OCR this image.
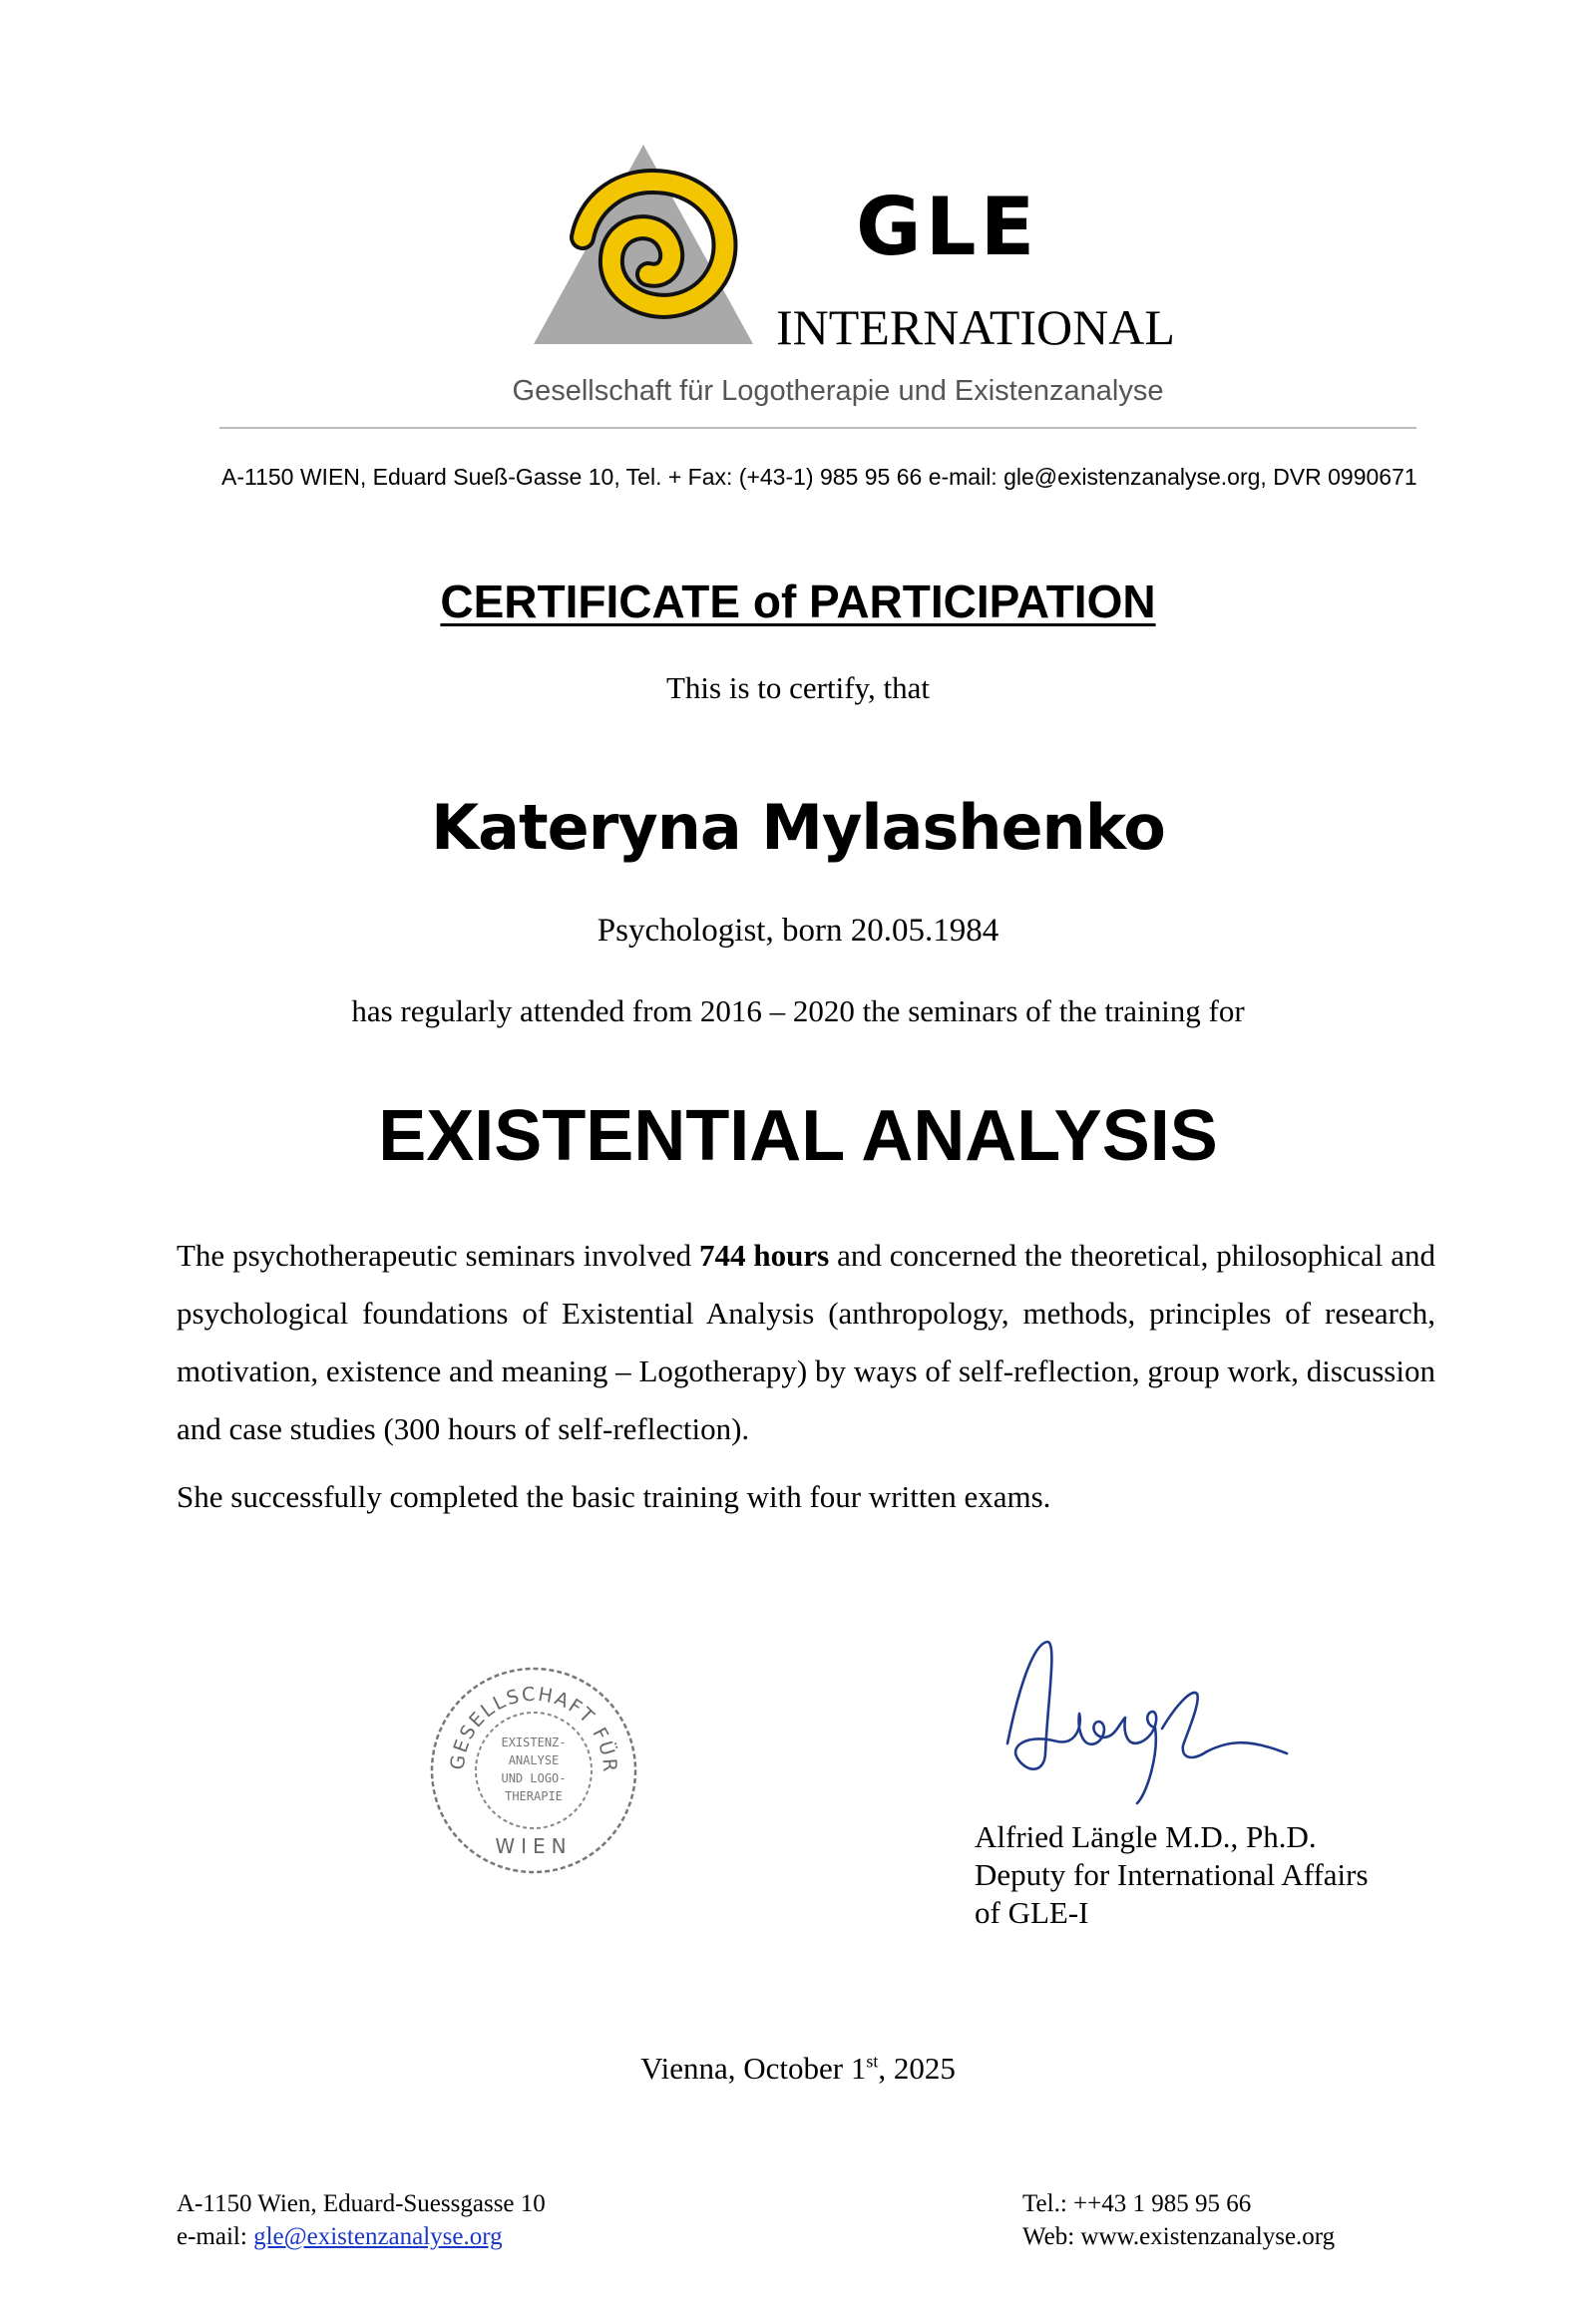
GLE
INTERNATIONAL
Gesellschaft für Logotherapie und Existenzanalyse
A-1150 WIEN, Eduard Sueß-Gasse 10, Tel. + Fax: (+43-1) 985 95 66 e-mail: gle@existenzanalyse.org, DVR 0990671
CERTIFICATE of PARTICIPATION
This is to certify, that
Kateryna Mylashenko
Psychologist, born 20.05.1984
has regularly attended from 2016 – 2020 the seminars of the training for
EXISTENTIAL ANALYSIS
The psychotherapeutic seminars involved 744 hours and concerned the theoretical, philosophical and psychological foundations of Existential Analysis (anthropology, methods, principles of research, motivation, existence and meaning – Logotherapy) by ways of self-reflection, group work, discussion and case studies (300 hours of self-reflection).
She successfully completed the basic training with four written exams.
GESELLSCHAFT FÜR
EXISTENZ-
ANALYSE
UND LOGO-
THERAPIE
WIEN	Alfried Längle M.D., Ph.D.
Deputy for International Affairs
of GLE-I
Vienna, October 1st, 2025
A-1150 Wien, Eduard-Suessgasse 10
e-mail: gle@existenzanalyse.org
Tel.: ++43 1 985 95 66
Web: www.existenzanalyse.org
